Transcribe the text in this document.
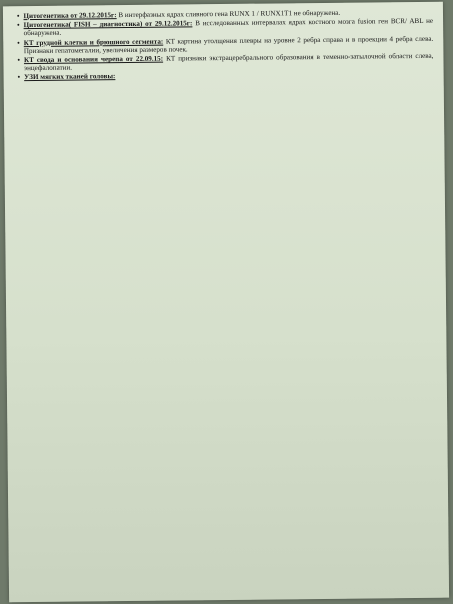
• Цитогенетика от 29.12.2015г: В интерфазных ядрах сливного гена RUNX 1 / RUNX1T1 не обнаружена.

• Цитогенетика( FISH – диагностика) от 29.12.2015г: В исследованных интервалах ядрах костного мозга fusion ген BCR/ ABL не обнаружена.

• КТ грудной клетки и брюшного сегмента: КТ картина утолщения плевры на уровне 2 ребра справа и в проекции 4 ребра слева. Признаки гепатомегалии, увеличения размеров почек.

• КТ свода и основания черепа от 22.09.15: КТ признаки экстрацеребрального образования в теменно-затылочной области слева, энцефалопатии.

• УЗИ мягких тканей головы:
